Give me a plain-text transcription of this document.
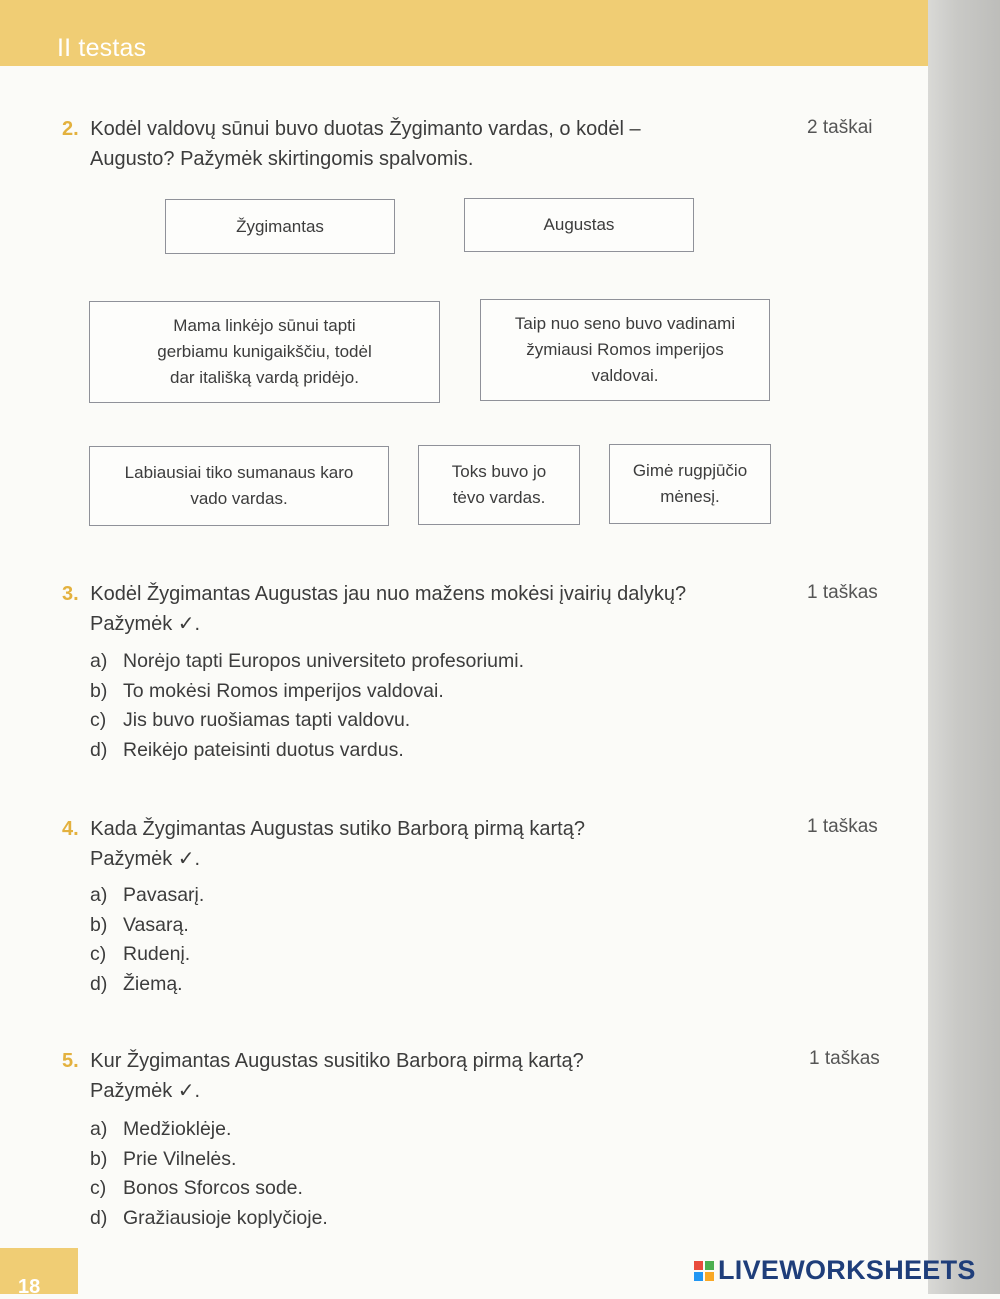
II testas
2. Kodėl valdovų sūnui buvo duotas Žygimanto vardas, o kodėl –
Augusto? Pažymėk skirtingomis spalvomis.
2 taškai
Žygimantas	Augustas
Mama linkėjo sūnui tapti
gerbiamu kunigaikščiu, todėl
dar itališką vardą pridėjo.
Taip nuo seno buvo vadinami
žymiausi Romos imperijos
valdovai.
Labiausiai tiko sumanaus karo
vado vardas.
Toks buvo jo
tėvo vardas.
Gimė rugpjūčio
mėnesį.
3. Kodėl Žygimantas Augustas jau nuo mažens mokėsi įvairių dalykų?
Pažymėk ✓.
1 taškas
a) Norėjo tapti Europos universiteto profesoriumi.
b) To mokėsi Romos imperijos valdovai.
c) Jis buvo ruošiamas tapti valdovu.
d) Reikėjo pateisinti duotus vardus.
4. Kada Žygimantas Augustas sutiko Barborą pirmą kartą?
Pažymėk ✓.
1 taškas
a) Pavasarį.
b) Vasarą.
c) Rudenį.
d) Žiemą.
5. Kur Žygimantas Augustas susitiko Barborą pirmą kartą?
Pažymėk ✓.
1 taškas
a) Medžioklėje.
b) Prie Vilnelės.
c) Bonos Sforcos sode.
d) Gražiausioje koplyčioje.
18
LIVEWORKSHEETS
